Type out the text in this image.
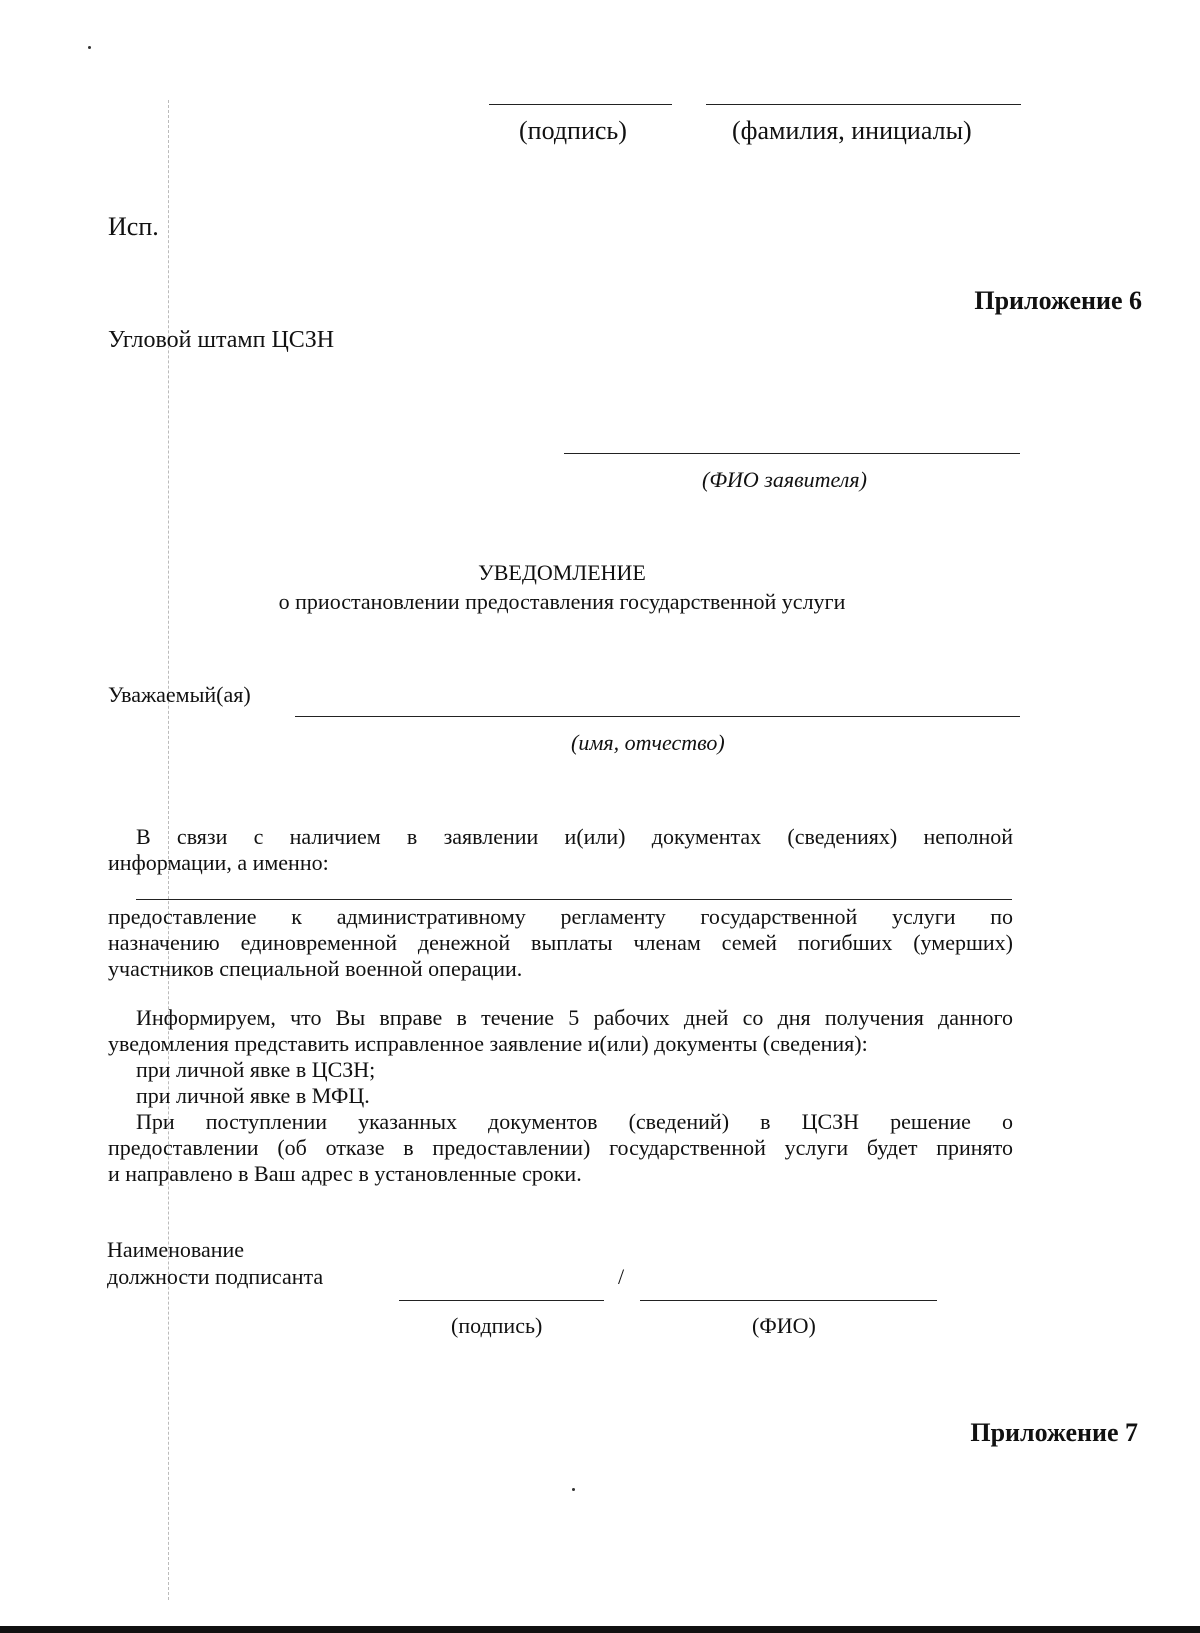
(подпись)	(фамилия, инициалы)
Исп.
Приложение 6
Угловой штамп ЦСЗН
(ФИО заявителя)
УВЕДОМЛЕНИЕ
о приостановлении предоставления государственной услуги
Уважаемый(ая)
(имя, отчество)
В связи с наличием в заявлении и(или) документах (сведениях) неполной
информации, а именно:
предоставление к административному регламенту государственной услуги по
назначению единовременной денежной выплаты членам семей погибших (умерших)
участников специальной военной операции.
Информируем, что Вы вправе в течение 5 рабочих дней со дня получения данного
уведомления представить исправленное заявление и(или) документы (сведения):
при личной явке в ЦСЗН;
при личной явке в МФЦ.
При поступлении указанных документов (сведений) в ЦСЗН решение о
предоставлении (об отказе в предоставлении) государственной услуги будет принято
и направлено в Ваш адрес в установленные сроки.
Наименование
должности подписанта	/
(подпись)	(ФИО)
Приложение 7
